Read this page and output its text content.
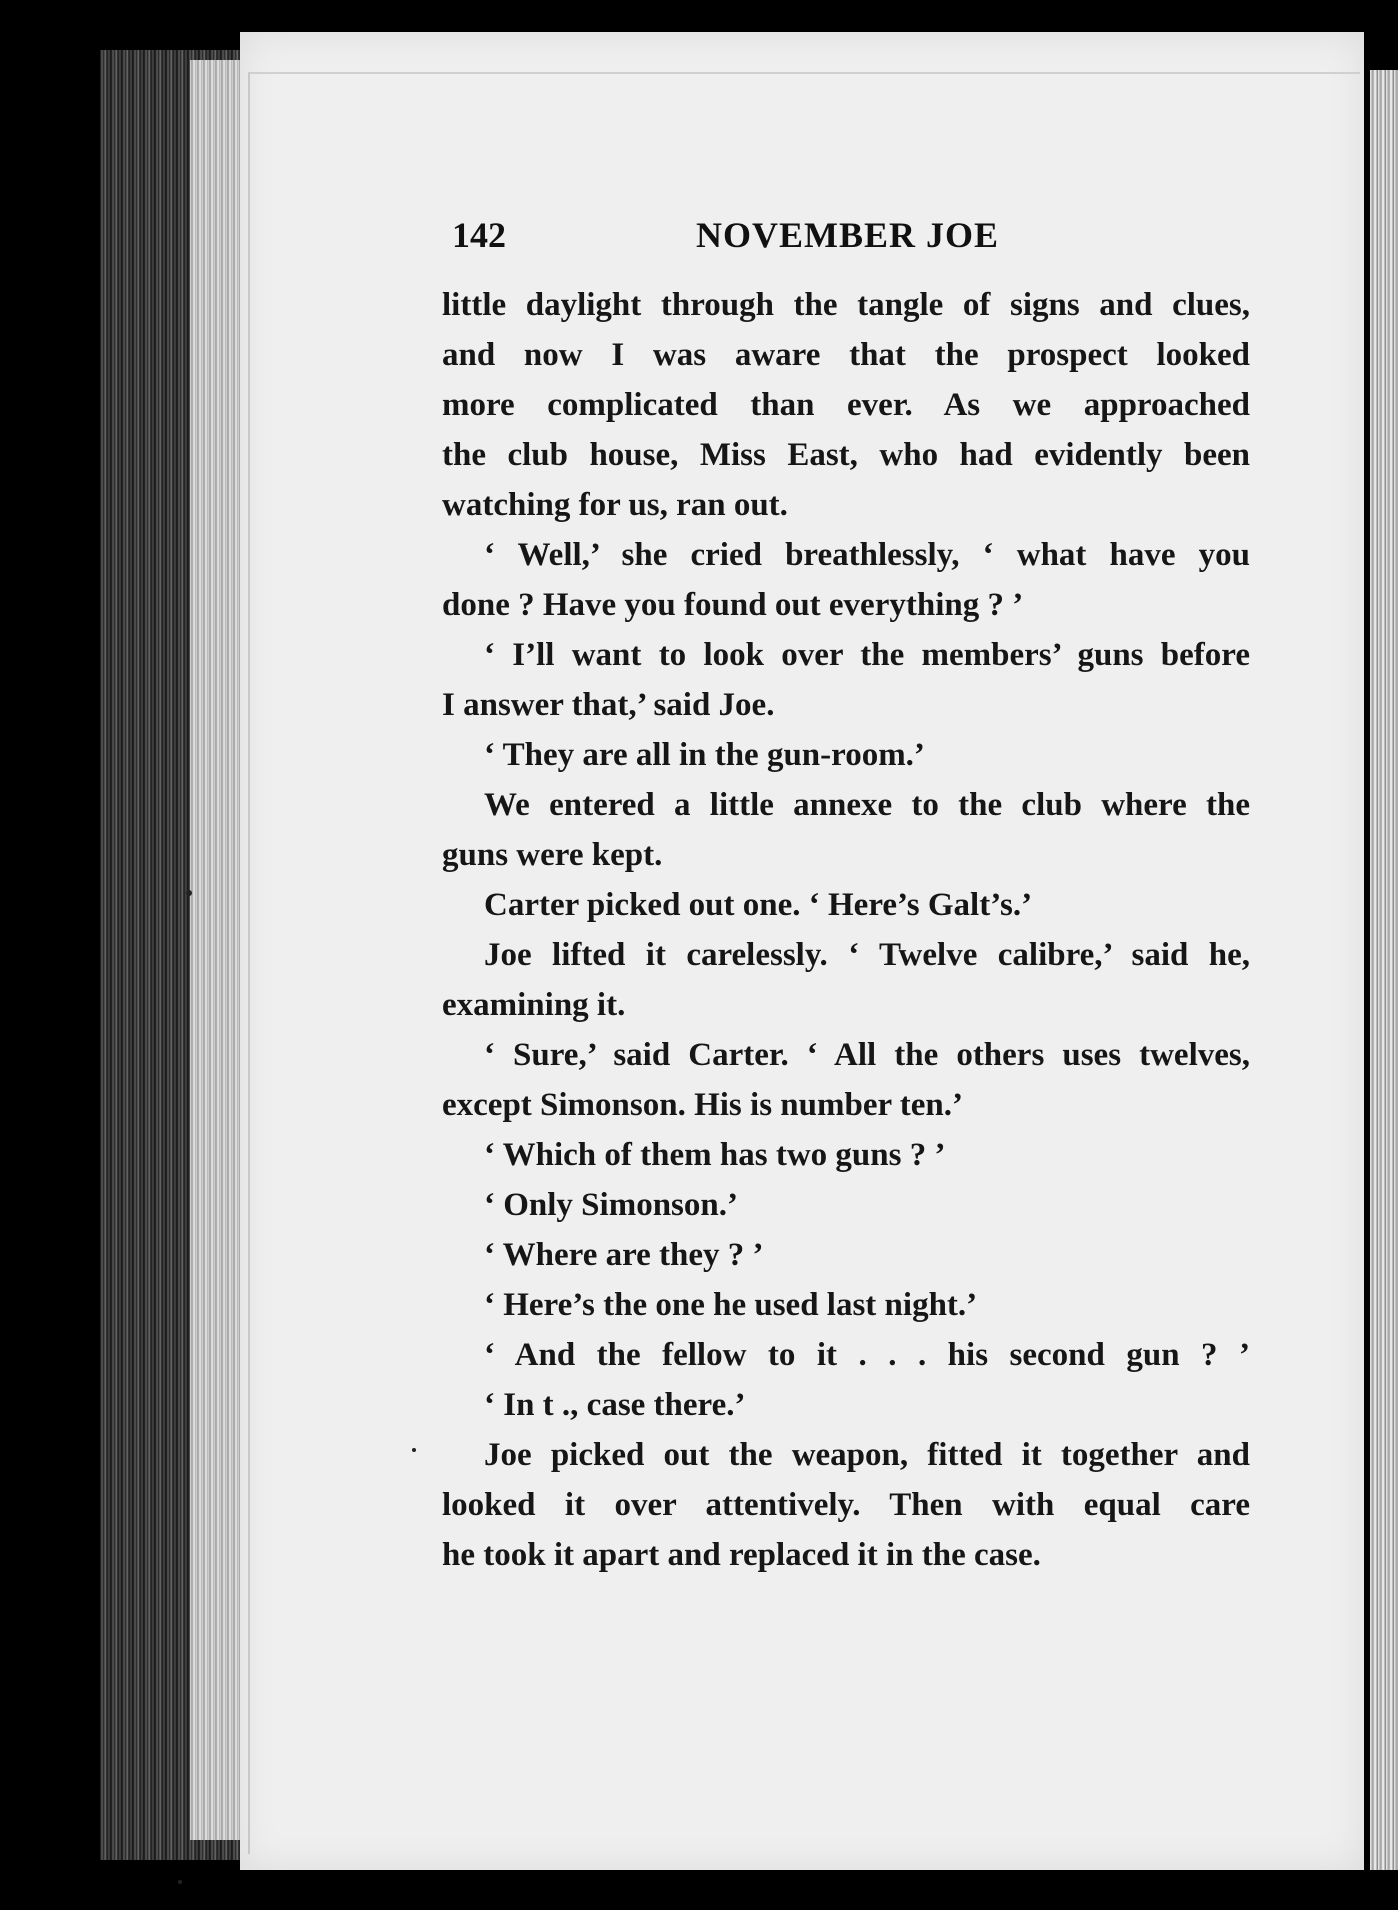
142	NOVEMBER JOE
little daylight through the tangle of signs and clues,
and now I was aware that the prospect looked
more complicated than ever. As we approached
the club house, Miss East, who had evidently been
watching for us, ran out.
‘ Well,’ she cried breathlessly, ‘ what have you
done ? Have you found out everything ? ’
‘ I’ll want to look over the members’ guns before
I answer that,’ said Joe.
‘ They are all in the gun-room.’
We entered a little annexe to the club where the
guns were kept.
Carter picked out one. ‘ Here’s Galt’s.’
Joe lifted it carelessly. ‘ Twelve calibre,’ said he,
examining it.
‘ Sure,’ said Carter. ‘ All the others uses twelves,
except Simonson. His is number ten.’
‘ Which of them has two guns ? ’
‘ Only Simonson.’
‘ Where are they ? ’
‘ Here’s the one he used last night.’
‘ And the fellow to it . . . his second gun ? ’
‘ In t ., case there.’
Joe picked out the weapon, fitted it together and
looked it over attentively. Then with equal care
he took it apart and replaced it in the case.
